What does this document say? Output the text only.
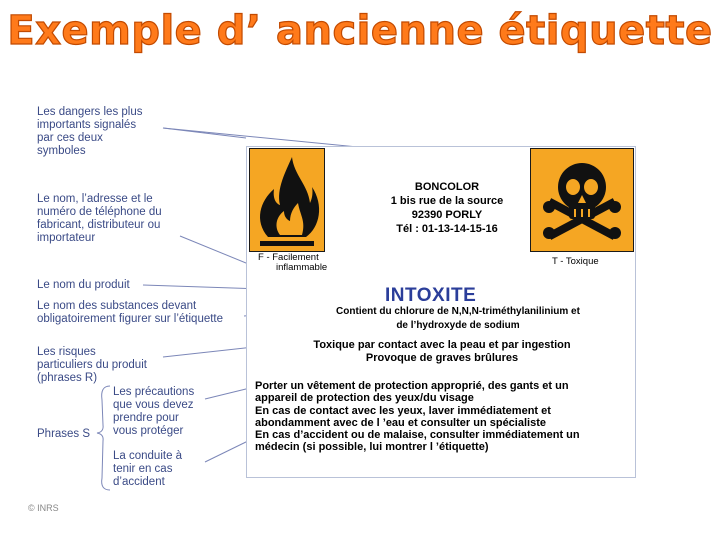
Exemple d’ ancienne étiquette
Les dangers les plus
importants signalés
par ces deux
symboles
Le nom, l’adresse et le
numéro de téléphone du
fabricant, distributeur ou
importateur
Le nom du produit
Le nom des substances devant
obligatoirement figurer sur l’étiquette
Les risques
particuliers du produit
(phrases R)
Les précautions
que vous devez
prendre pour
vous protéger
Phrases S
La conduite à
tenir en cas
d’accident
F - Facilement
inflammable
T - Toxique
BONCOLOR
1 bis rue de la source
92390 PORLY
Tél : 01-13-14-15-16
INTOXITE
Contient du chlorure de N,N,N-triméthylanilinium et
de l’hydroxyde de sodium
Toxique par contact avec la peau et par ingestion
Provoque de graves brûlures
Porter un vêtement de protection approprié, des gants et un
appareil de protection des yeux/du visage
En cas de contact avec les yeux, laver immédiatement et
abondamment avec de l ’eau et consulter un spécialiste
En cas d’accident ou de malaise, consulter immédiatement un
médecin (si possible, lui montrer l ’étiquette)
© INRS
